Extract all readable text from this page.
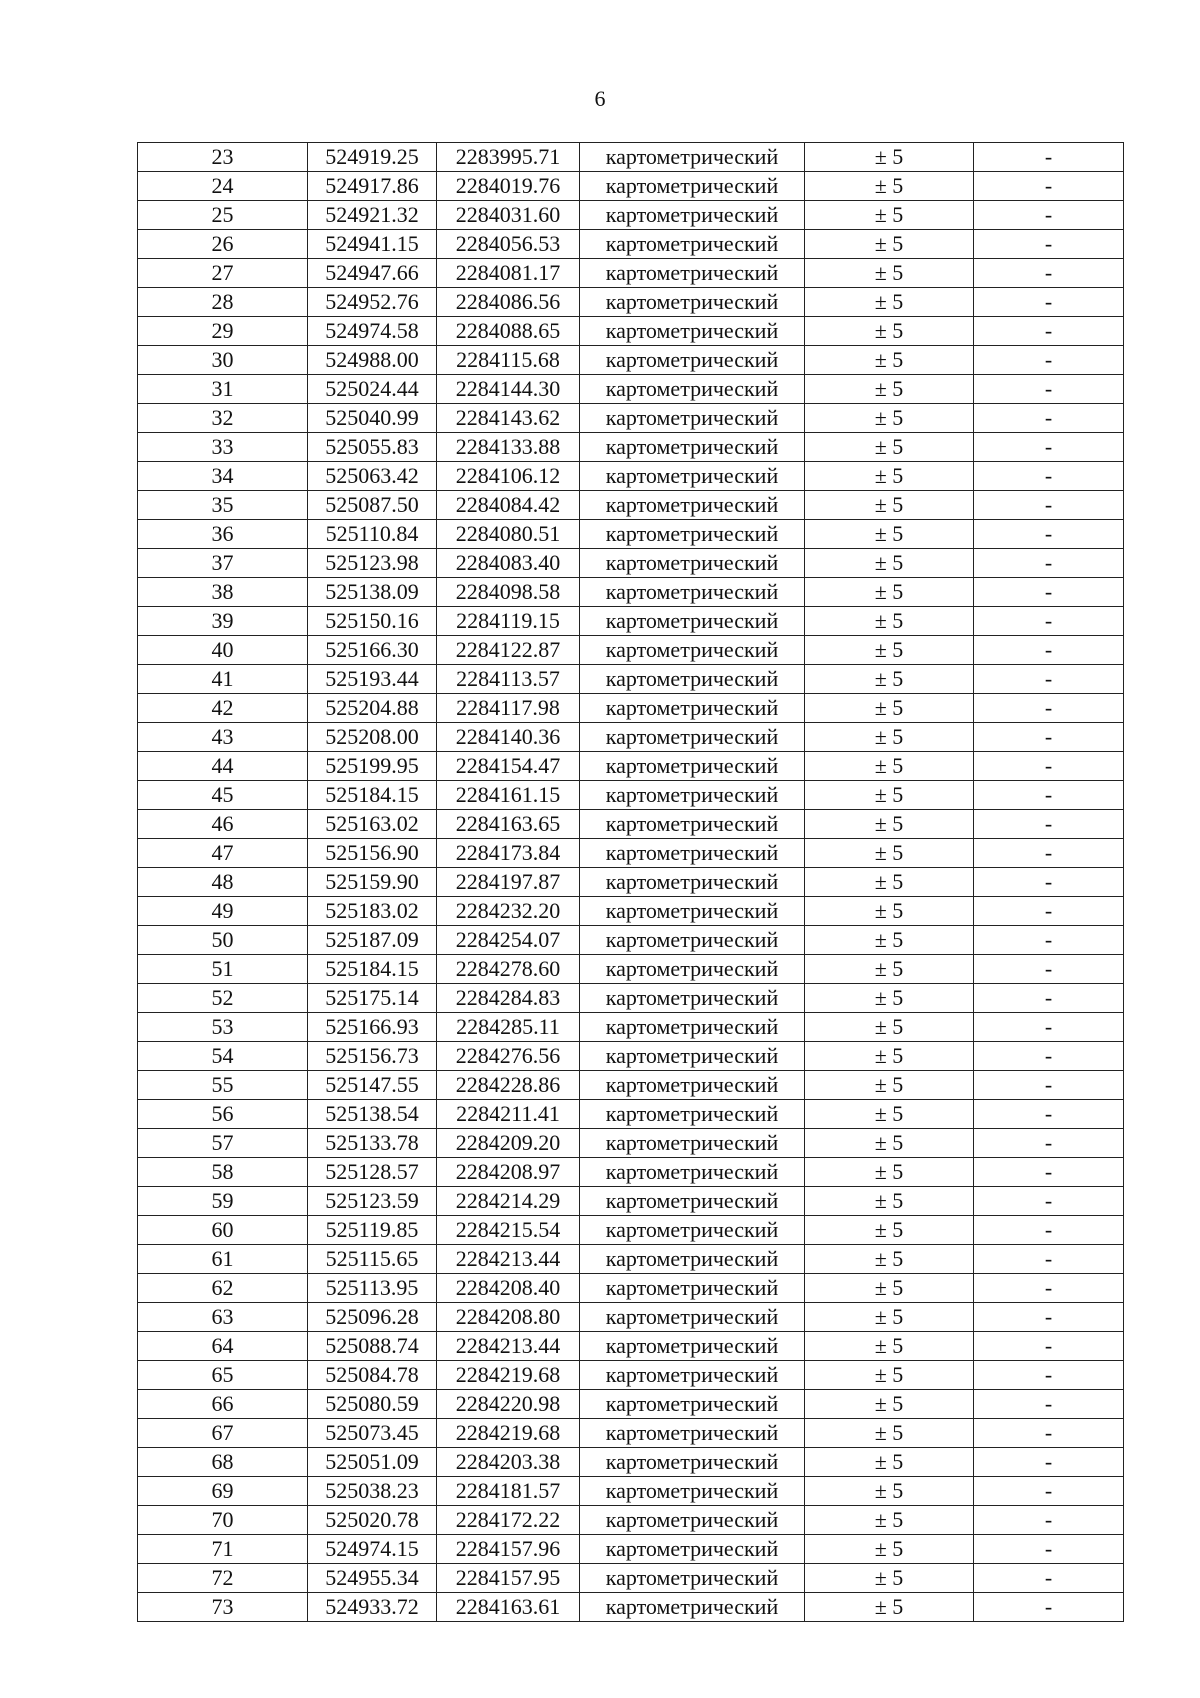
6
23	524919.25	2283995.71	картометрический	± 5	-
24	524917.86	2284019.76	картометрический	± 5	-
25	524921.32	2284031.60	картометрический	± 5	-
26	524941.15	2284056.53	картометрический	± 5	-
27	524947.66	2284081.17	картометрический	± 5	-
28	524952.76	2284086.56	картометрический	± 5	-
29	524974.58	2284088.65	картометрический	± 5	-
30	524988.00	2284115.68	картометрический	± 5	-
31	525024.44	2284144.30	картометрический	± 5	-
32	525040.99	2284143.62	картометрический	± 5	-
33	525055.83	2284133.88	картометрический	± 5	-
34	525063.42	2284106.12	картометрический	± 5	-
35	525087.50	2284084.42	картометрический	± 5	-
36	525110.84	2284080.51	картометрический	± 5	-
37	525123.98	2284083.40	картометрический	± 5	-
38	525138.09	2284098.58	картометрический	± 5	-
39	525150.16	2284119.15	картометрический	± 5	-
40	525166.30	2284122.87	картометрический	± 5	-
41	525193.44	2284113.57	картометрический	± 5	-
42	525204.88	2284117.98	картометрический	± 5	-
43	525208.00	2284140.36	картометрический	± 5	-
44	525199.95	2284154.47	картометрический	± 5	-
45	525184.15	2284161.15	картометрический	± 5	-
46	525163.02	2284163.65	картометрический	± 5	-
47	525156.90	2284173.84	картометрический	± 5	-
48	525159.90	2284197.87	картометрический	± 5	-
49	525183.02	2284232.20	картометрический	± 5	-
50	525187.09	2284254.07	картометрический	± 5	-
51	525184.15	2284278.60	картометрический	± 5	-
52	525175.14	2284284.83	картометрический	± 5	-
53	525166.93	2284285.11	картометрический	± 5	-
54	525156.73	2284276.56	картометрический	± 5	-
55	525147.55	2284228.86	картометрический	± 5	-
56	525138.54	2284211.41	картометрический	± 5	-
57	525133.78	2284209.20	картометрический	± 5	-
58	525128.57	2284208.97	картометрический	± 5	-
59	525123.59	2284214.29	картометрический	± 5	-
60	525119.85	2284215.54	картометрический	± 5	-
61	525115.65	2284213.44	картометрический	± 5	-
62	525113.95	2284208.40	картометрический	± 5	-
63	525096.28	2284208.80	картометрический	± 5	-
64	525088.74	2284213.44	картометрический	± 5	-
65	525084.78	2284219.68	картометрический	± 5	-
66	525080.59	2284220.98	картометрический	± 5	-
67	525073.45	2284219.68	картометрический	± 5	-
68	525051.09	2284203.38	картометрический	± 5	-
69	525038.23	2284181.57	картометрический	± 5	-
70	525020.78	2284172.22	картометрический	± 5	-
71	524974.15	2284157.96	картометрический	± 5	-
72	524955.34	2284157.95	картометрический	± 5	-
73	524933.72	2284163.61	картометрический	± 5	-
